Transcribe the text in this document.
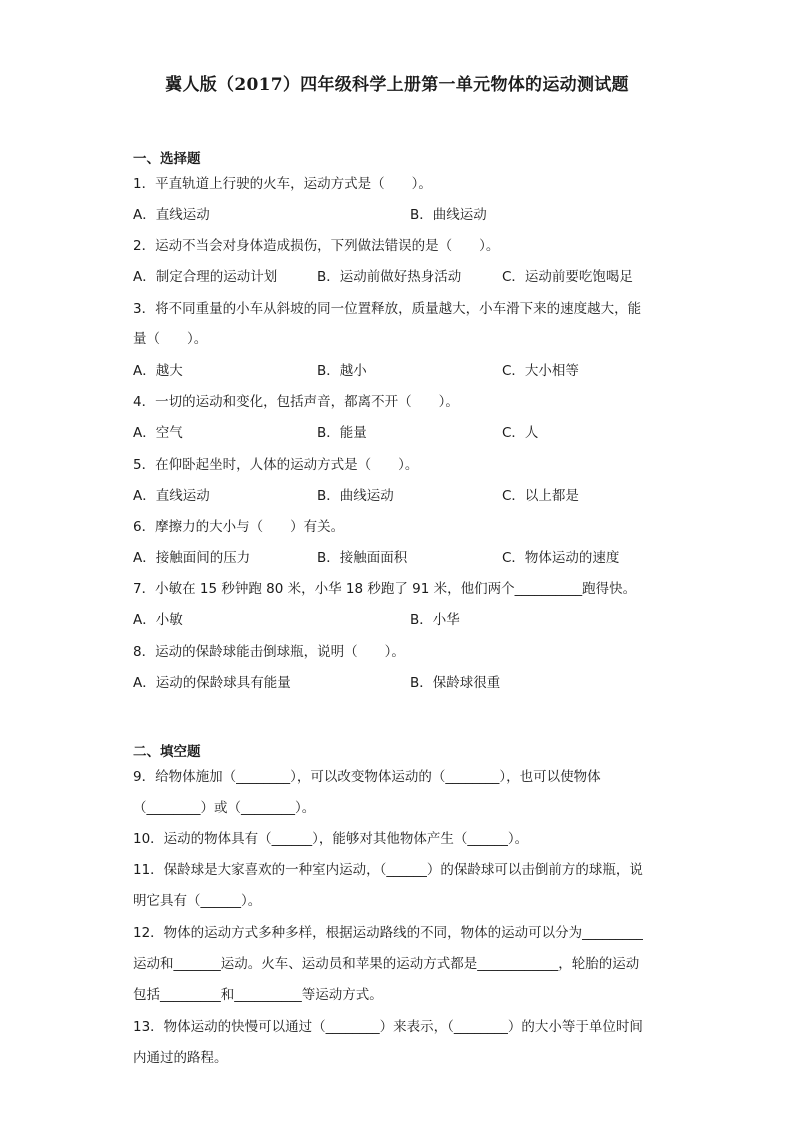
冀人版（2017）四年级科学上册第一单元物体的运动测试题
一、选择题
1．平直轨道上行驶的火车，运动方式是（　　）。
A．直线运动	B．曲线运动
2．运动不当会对身体造成损伤，下列做法错误的是（　　）。
A．制定合理的运动计划	B．运动前做好热身活动	C．运动前要吃饱喝足
3．将不同重量的小车从斜坡的同一位置释放，质量越大，小车滑下来的速度越大，能
量（　　）。
A．越大	B．越小	C．大小相等
4．一切的运动和变化，包括声音，都离不开（　　）。
A．空气	B．能量	C．人
5．在仰卧起坐时，人体的运动方式是（　　）。
A．直线运动	B．曲线运动	C．以上都是
6．摩擦力的大小与（　　）有关。
A．接触面间的压力	B．接触面面积	C．物体运动的速度
7．小敏在 15 秒钟跑 80 米，小华 18 秒跑了 91 米，他们两个__________跑得快。
A．小敏	B．小华
8．运动的保龄球能击倒球瓶，说明（　　）。
A．运动的保龄球具有能量	B．保龄球很重
二、填空题
9．给物体施加（________），可以改变物体运动的（________），也可以使物体
（________）或（________）。
10．运动的物体具有（______），能够对其他物体产生（______）。
11．保龄球是大家喜欢的一种室内运动，（______）的保龄球可以击倒前方的球瓶，说
明它具有（______）。
12．物体的运动方式多种多样，根据运动路线的不同，物体的运动可以分为_________
运动和_______运动。火车、运动员和苹果的运动方式都是____________，轮胎的运动
包括_________和__________等运动方式。
13．物体运动的快慢可以通过（________）来表示，（________）的大小等于单位时间
内通过的路程。
